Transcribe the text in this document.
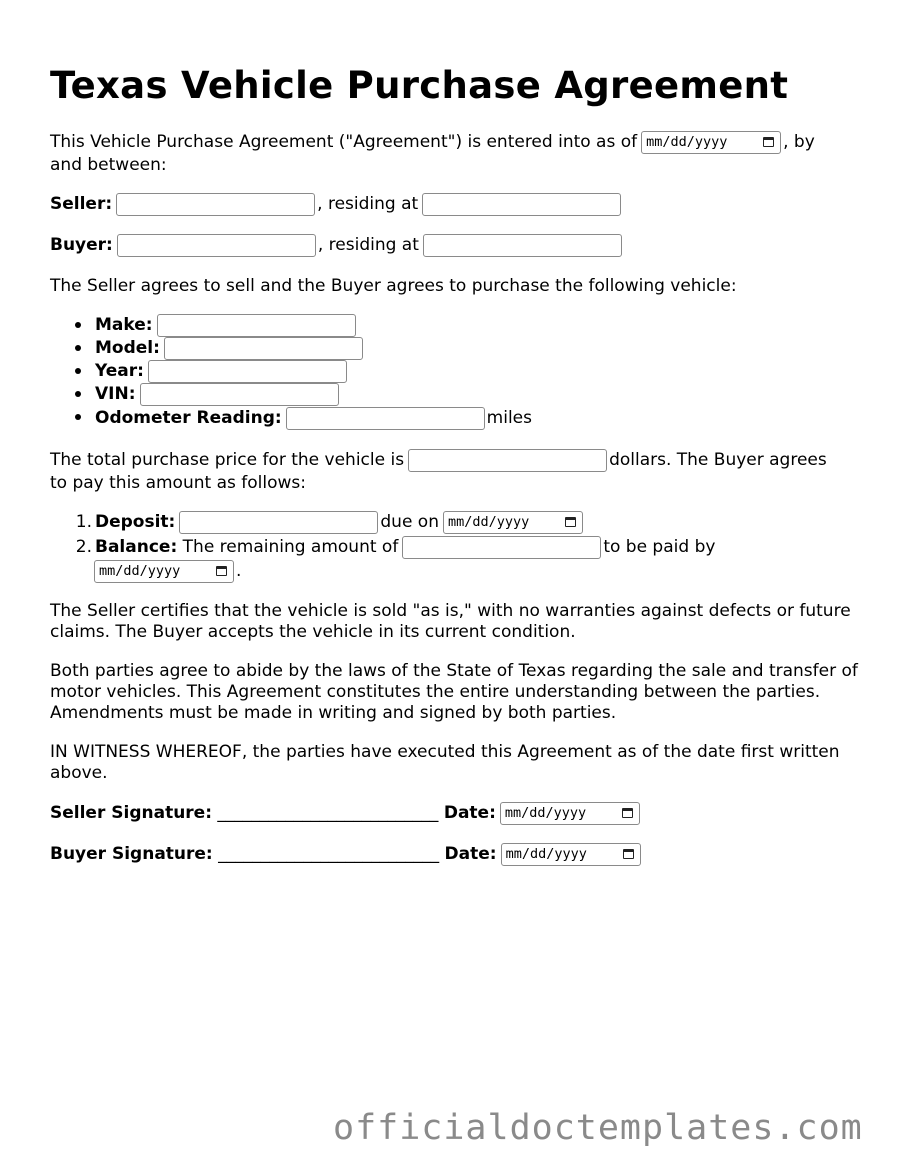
Texas Vehicle Purchase Agreement
This Vehicle Purchase Agreement ("Agreement") is entered into as of mm/dd/yyyy	, by
and between:
Seller:	, residing at
Buyer:	, residing at
The Seller agrees to sell and the Buyer agrees to purchase the following vehicle:
Make:
Model:
Year:
VIN:
Odometer Reading:	miles
The total purchase price for the vehicle is	dollars. The Buyer agrees
to pay this amount as follows:
1. Deposit:	due on mm/dd/yyyy
2. Balance: The remaining amount of	to be paid by
mm/dd/yyyy	.
The Seller certifies that the vehicle is sold "as is," with no warranties against defects or future claims. The Buyer accepts the vehicle in its current condition.
Both parties agree to abide by the laws of the State of Texas regarding the sale and transfer of motor vehicles. This Agreement constitutes the entire understanding between the parties. Amendments must be made in writing and signed by both parties.
IN WITNESS WHEREOF, the parties have executed this Agreement as of the date first written above.
Seller Signature: __________________________ Date: mm/dd/yyyy
Buyer Signature: __________________________ Date: mm/dd/yyyy
officialdoctemplates.com
